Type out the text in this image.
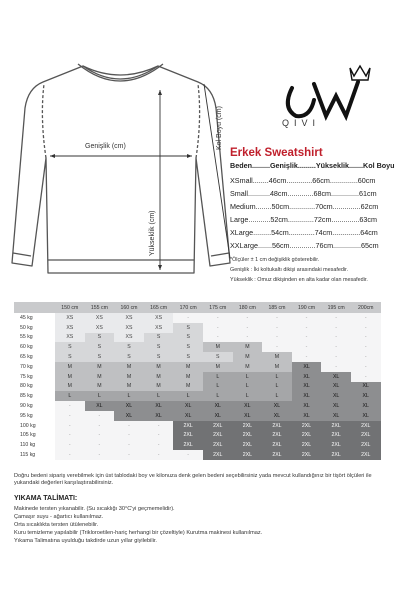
Genişlik (cm)
Yükseklik (cm)
Kol Boyu (cm)	QIVI
Erkek Sweatshirt
Beden.........Genişlik.........Yükseklik.......Kol Boyu
XSmall........46cm.............66cm..............60cm
Small...........48cm.............68cm..............61cm
Medium........50cm.............70cm..............62cm
Large...........52cm.............72cm..............63cm
XLarge.........54cm.............74cm..............64cm
XXLarge.......56cm.............76cm..............65cm
*Ölçüler ± 1 cm değişiklik gösterebilir.
Genişlik : İki koltukaltı dikişi arasındaki mesafedir.
Yükseklik : Omuz dikişinden en alta kadar olan mesafedir.
	150 cm	155 cm	160 cm	165 cm	170 cm	175 cm	180 cm	185 cm	190 cm	195 cm	200cm
45 kg	XS	XS	XS	XS	-	-	-	-	-	-	-
50 kg	XS	XS	XS	XS	S	-	-	-	-	-	-
55 kg	XS	S	XS	S	S	-	-	-	-	-	-
60 kg	S	S	S	S	S	M	M	-	-	-	-
65 kg	S	S	S	S	S	S	M	M	-	-	-
70 kg	M	M	M	M	M	M	M	M	XL	-	-
75 kg	M	M	M	M	M	L	L	L	XL	XL	-
80 kg	M	M	M	M	M	L	L	L	XL	XL	XL
85 kg	L	L	L	L	L	L	L	L	XL	XL	XL
90 kg	-	XL	XL	XL	XL	XL	XL	XL	XL	XL	XL
95 kg	-	-	XL	XL	XL	XL	XL	XL	XL	XL	XL
100 kg	-	-	-	-	2XL	2XL	2XL	2XL	2XL	2XL	2XL
105 kg	-	-	-	-	2XL	2XL	2XL	2XL	2XL	2XL	2XL
110 kg	-	-	-	-	2XL	2XL	2XL	2XL	2XL	2XL	2XL
115 kg	-	-	-	-	-	2XL	2XL	2XL	2XL	2XL	2XL
Doğru bedeni sipariş verebilmek için üst tablodaki boy ve kilonuza denk gelen bedeni seçebilirsiniz yada mevcut kullandığınız bir tişört ölçüleri ile yukarıdaki değerleri karşılaştırabilirsiniz.
YIKAMA TALİMATI:
Makinede tersten yıkanabilir. (Su sıcaklığı 30°C'yi geçmemelidir).
Çamaşır suyu - ağartıcı kullanılmaz.
Orta sıcaklıkta tersten ütülenebilir.
Kuru temizleme yapılabilir (Trikloroetilen-hariç herhangi bir çözeltiyle) Kurutma makinesi kullanılmaz.
Yıkama Talimatına uyulduğu takdirde uzun yıllar giyilebilir.
